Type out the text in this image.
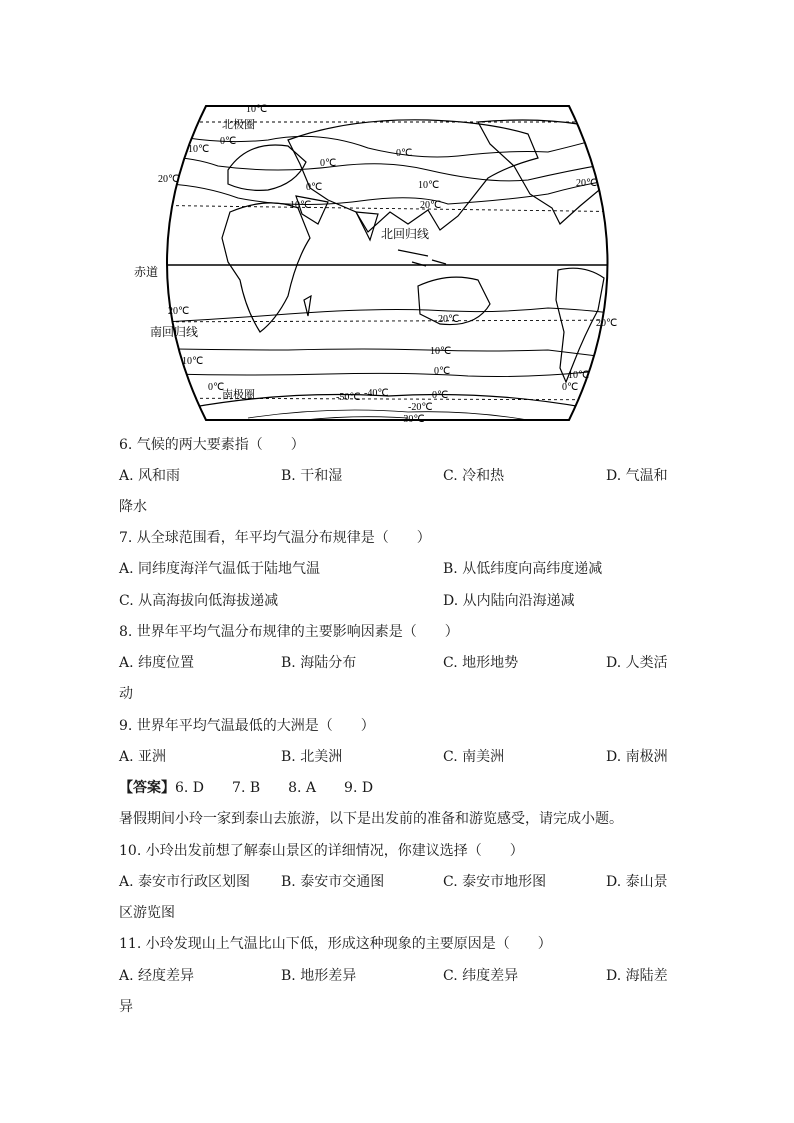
北极圈
北回归线
赤道
南回归线
南极圈
10℃
10℃
0℃
20℃
0℃
10℃
0℃
10℃
20℃
0℃
20℃
20℃
20℃	20℃
10℃
10℃
10℃
0℃
0℃
0℃
0℃
-50℃ -40℃
-30℃
-20℃
6. 气候的两大要素指（　　）
A. 风和雨	B. 干和湿	C. 冷和热	D. 气温和
降水
7. 从全球范围看，年平均气温分布规律是（　　）
A. 同纬度海洋气温低于陆地气温	B. 从低纬度向高纬度递减
C. 从高海拔向低海拔递减	D. 从内陆向沿海递减
8. 世界年平均气温分布规律的主要影响因素是（　　）
A. 纬度位置	B. 海陆分布	C. 地形地势	D. 人类活
动
9. 世界年平均气温最低的大洲是（　　）
A. 亚洲	B. 北美洲	C. 南美洲	D. 南极洲
【答案】6. D　　7. B　　8. A　　9. D
暑假期间小玲一家到泰山去旅游，以下是出发前的准备和游览感受，请完成小题。
10. 小玲出发前想了解泰山景区的详细情况，你建议选择（　　）
A. 泰安市行政区划图 B. 泰安市交通图	C. 泰安市地形图	D. 泰山景
区游览图
11. 小玲发现山上气温比山下低，形成这种现象的主要原因是（　　）
A. 经度差异	B. 地形差异	C. 纬度差异	D. 海陆差
异
